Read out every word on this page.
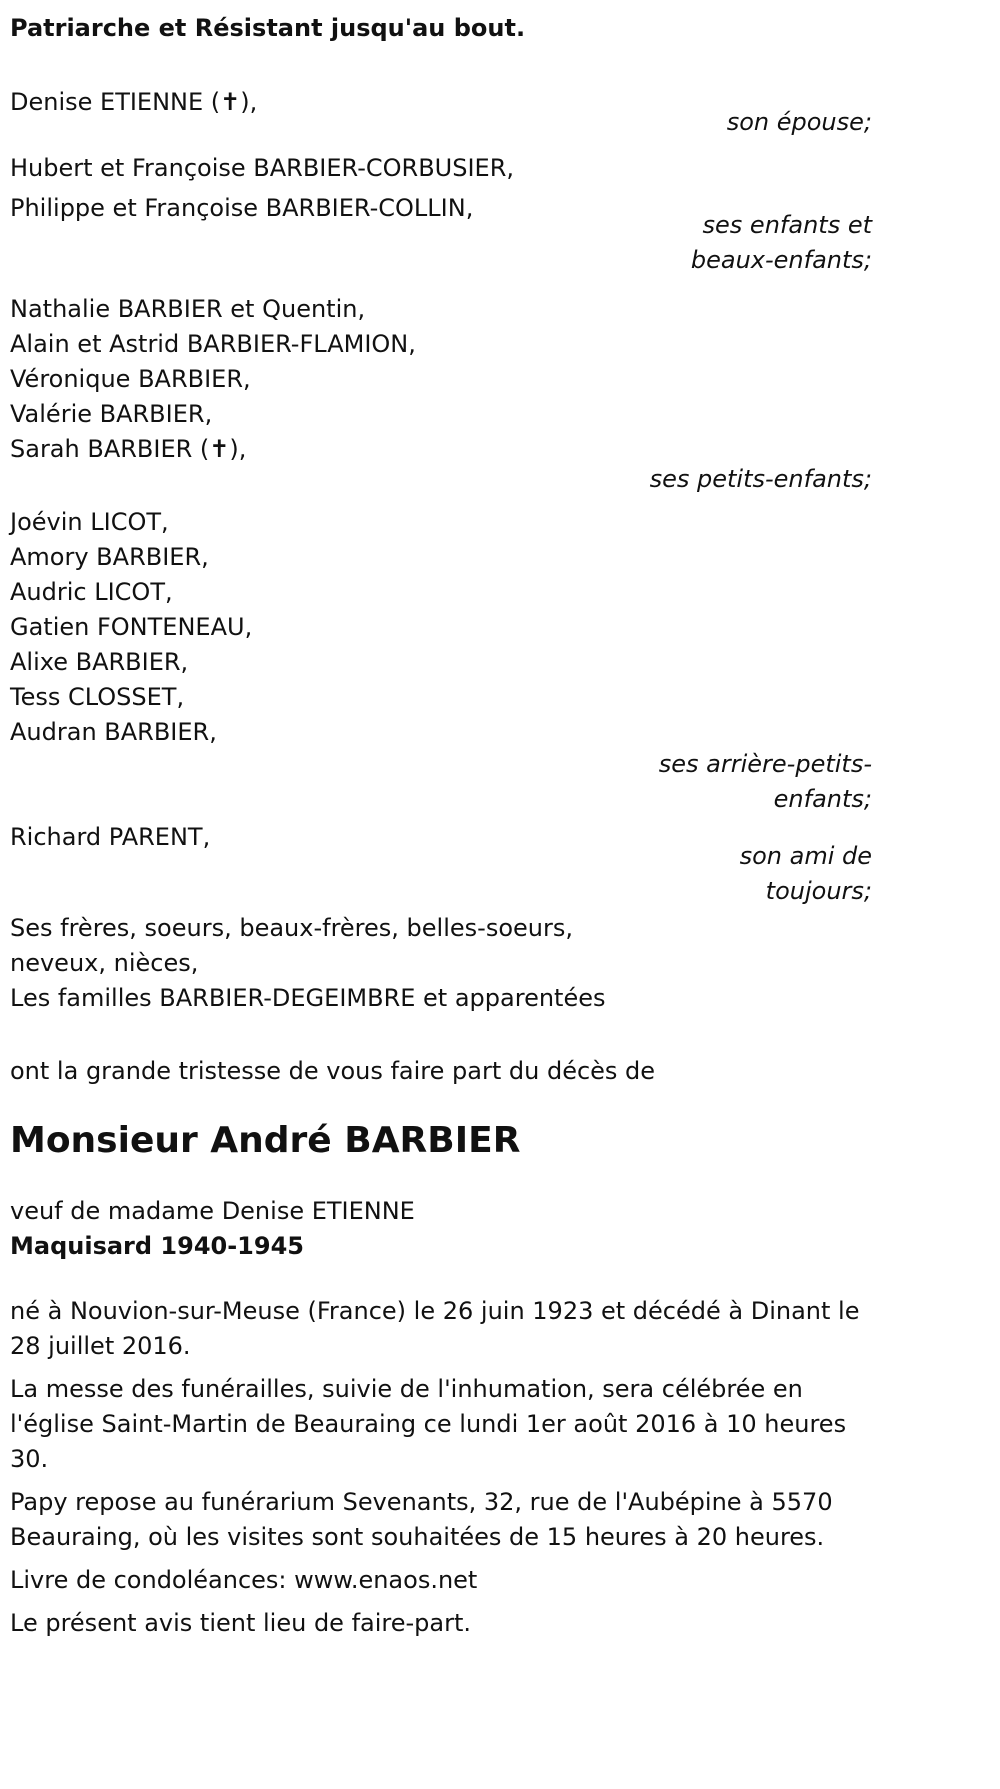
Patriarche et Résistant jusqu'au bout.
Denise ETIENNE (✝),
son épouse;
Hubert et Françoise BARBIER-CORBUSIER,
Philippe et Françoise BARBIER-COLLIN,
ses enfants et
beaux-enfants;
Nathalie BARBIER et Quentin,
Alain et Astrid BARBIER-FLAMION,
Véronique BARBIER,
Valérie BARBIER,
Sarah BARBIER (✝),
ses petits-enfants;
Joévin LICOT,
Amory BARBIER,
Audric LICOT,
Gatien FONTENEAU,
Alixe BARBIER,
Tess CLOSSET,
Audran BARBIER,
ses arrière-petits-
enfants;
Richard PARENT,
son ami de
toujours;
Ses frères, soeurs, beaux-frères, belles-soeurs,
neveux, nièces,
Les familles BARBIER-DEGEIMBRE et apparentées
ont la grande tristesse de vous faire part du décès de
Monsieur André BARBIER
veuf de madame Denise ETIENNE
Maquisard 1940-1945
né à Nouvion-sur-Meuse (France) le 26 juin 1923 et décédé à Dinant le 28 juillet 2016.
La messe des funérailles, suivie de l'inhumation, sera célébrée en l'église Saint-Martin de Beauraing ce lundi 1er août 2016 à 10 heures 30.
Papy repose au funérarium Sevenants, 32, rue de l'Aubépine à 5570 Beauraing, où les visites sont souhaitées de 15 heures à 20 heures.
Livre de condoléances: www.enaos.net
Le présent avis tient lieu de faire-part.
